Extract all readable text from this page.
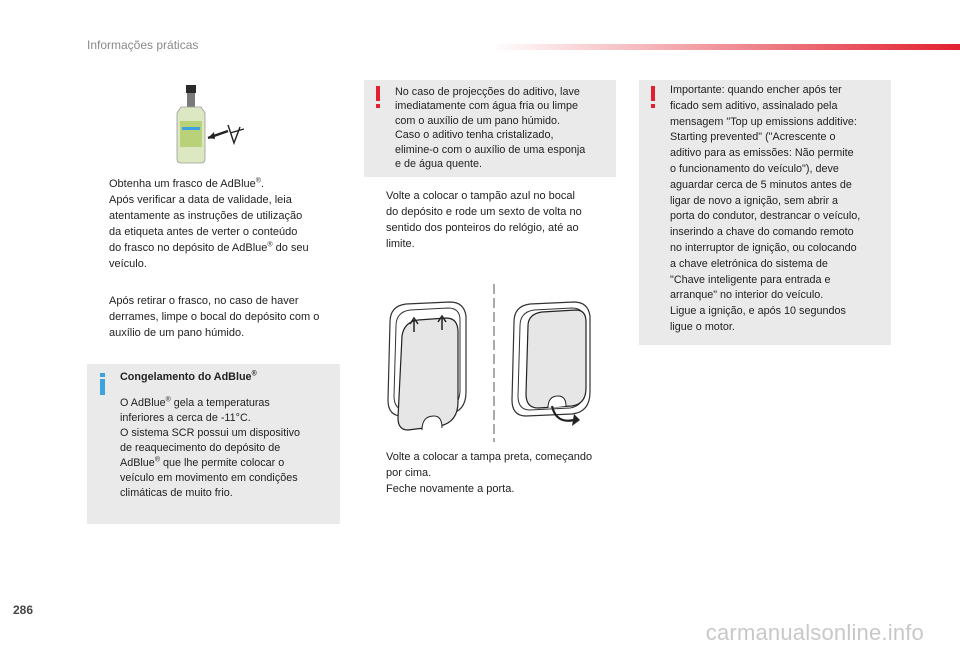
Informações práticas
Obtenha um frasco de AdBlue®.
Após verificar a data de validade, leia
atentamente as instruções de utilização
da etiqueta antes de verter o conteúdo
do frasco no depósito de AdBlue® do seu
veículo.
Após retirar o frasco, no caso de haver
derrames, limpe o bocal do depósito com o
auxílio de um pano húmido.
Congelamento do AdBlue®
O AdBlue® gela a temperaturas
inferiores a cerca de -11°C.
O sistema SCR possui um dispositivo
de reaquecimento do depósito de
AdBlue® que lhe permite colocar o
veículo em movimento em condições
climáticas de muito frio.
No caso de projecções do aditivo, lave
imediatamente com água fria ou limpe
com o auxílio de um pano húmido.
Caso o aditivo tenha cristalizado,
elimine-o com o auxílio de uma esponja
e de água quente.
Volte a colocar o tampão azul no bocal
do depósito e rode um sexto de volta no
sentido dos ponteiros do relógio, até ao
limite.
Volte a colocar a tampa preta, começando
por cima.
Feche novamente a porta.
Importante: quando encher após ter
ficado sem aditivo, assinalado pela
mensagem "Top up emissions additive:
Starting prevented" ("Acrescente o
aditivo para as emissões: Não permite
o funcionamento do veículo"), deve
aguardar cerca de 5 minutos antes de
ligar de novo a ignição, sem abrir a
porta do condutor, destrancar o veículo,
inserindo a chave do comando remoto
no interruptor de ignição, ou colocando
a chave eletrónica do sistema de
"Chave inteligente para entrada e
arranque" no interior do veículo.
Ligue a ignição, e após 10 segundos
ligue o motor.
286
carmanualsonline.info
